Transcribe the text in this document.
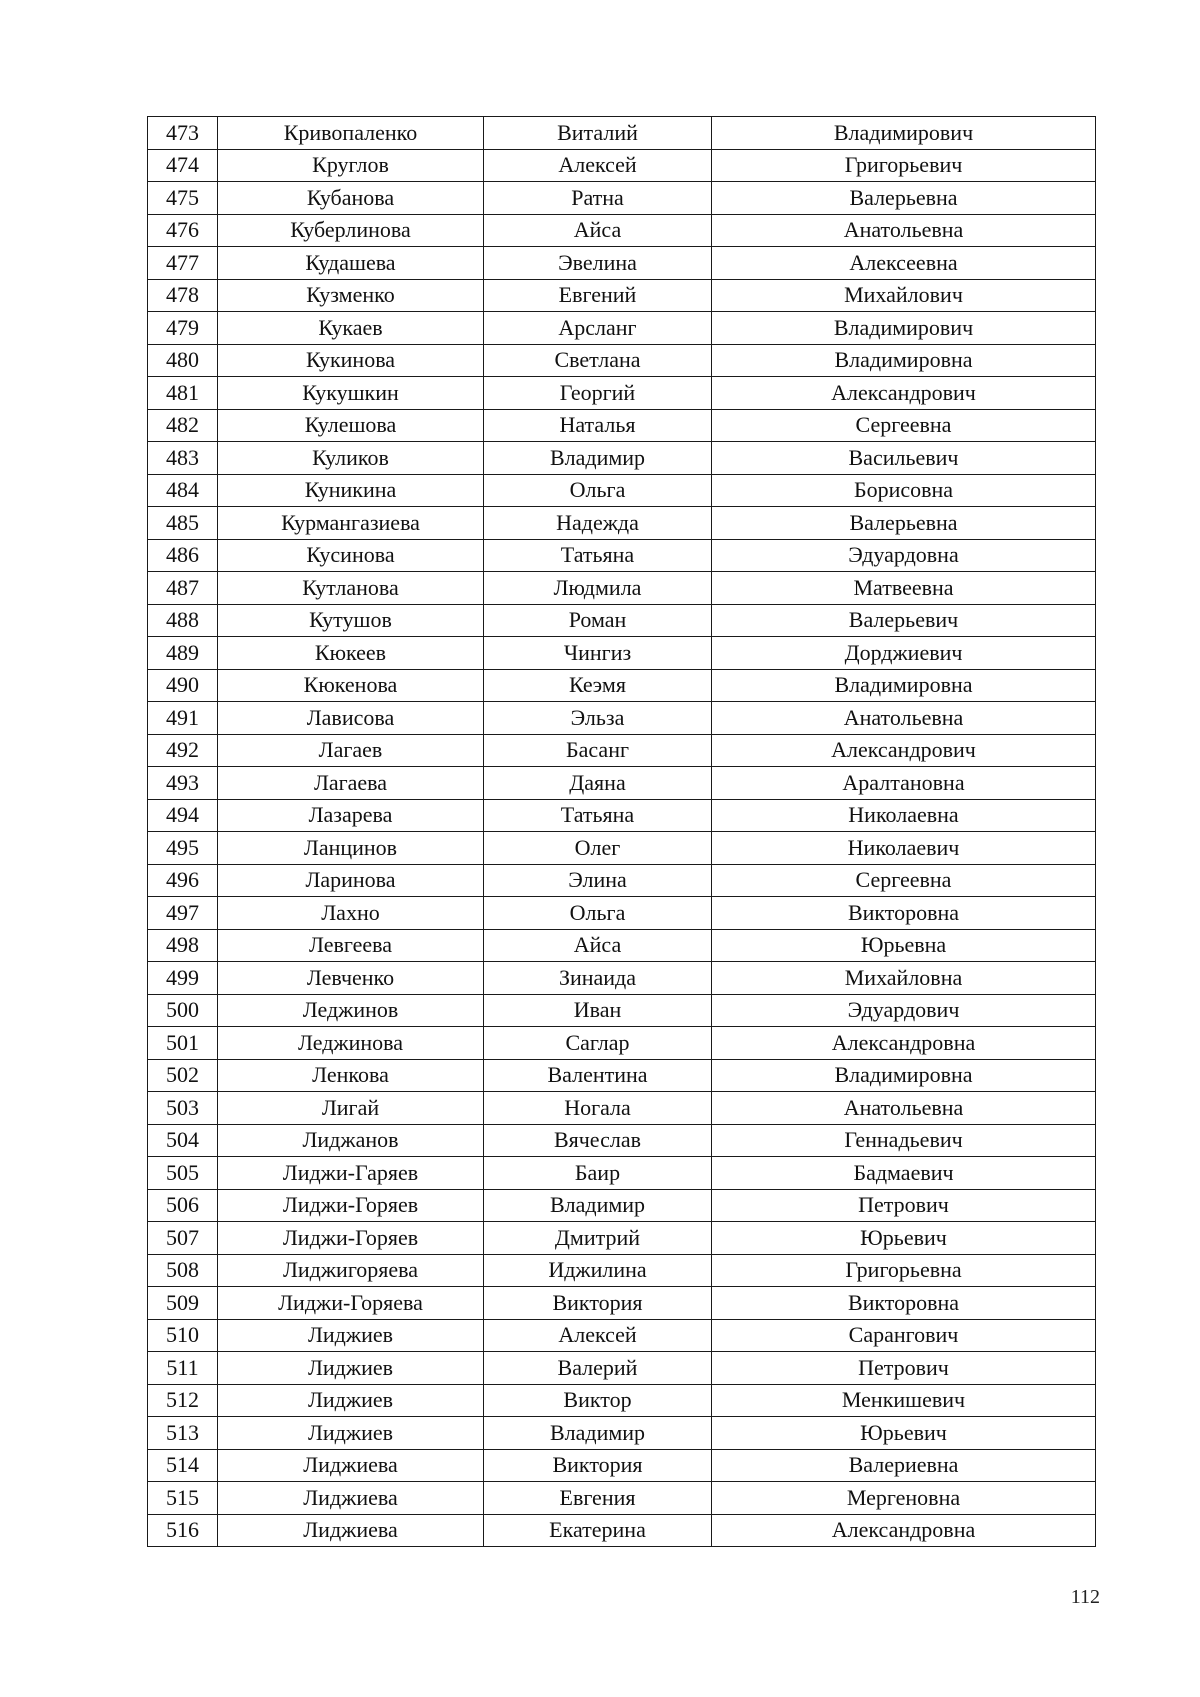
473	Кривопаленко	Виталий	Владимирович
474	Круглов	Алексей	Григорьевич
475	Кубанова	Ратна	Валерьевна
476	Куберлинова	Айса	Анатольевна
477	Кудашева	Эвелина	Алексеевна
478	Кузменко	Евгений	Михайлович
479	Кукаев	Арсланг	Владимирович
480	Кукинова	Светлана	Владимировна
481	Кукушкин	Георгий	Александрович
482	Кулешова	Наталья	Сергеевна
483	Куликов	Владимир	Васильевич
484	Куникина	Ольга	Борисовна
485	Курмангазиева	Надежда	Валерьевна
486	Кусинова	Татьяна	Эдуардовна
487	Кутланова	Людмила	Матвеевна
488	Кутушов	Роман	Валерьевич
489	Кюкеев	Чингиз	Дорджиевич
490	Кюкенова	Кеэмя	Владимировна
491	Лависова	Эльза	Анатольевна
492	Лагаев	Басанг	Александрович
493	Лагаева	Даяна	Аралтановна
494	Лазарева	Татьяна	Николаевна
495	Ланцинов	Олег	Николаевич
496	Ларинова	Элина	Сергеевна
497	Лахно	Ольга	Викторовна
498	Левгеева	Айса	Юрьевна
499	Левченко	Зинаида	Михайловна
500	Леджинов	Иван	Эдуардович
501	Леджинова	Саглар	Александровна
502	Ленкова	Валентина	Владимировна
503	Лигай	Ногала	Анатольевна
504	Лиджанов	Вячеслав	Геннадьевич
505	Лиджи-Гаряев	Баир	Бадмаевич
506	Лиджи-Горяев	Владимир	Петрович
507	Лиджи-Горяев	Дмитрий	Юрьевич
508	Лиджигоряева	Иджилина	Григорьевна
509	Лиджи-Горяева	Виктория	Викторовна
510	Лиджиев	Алексей	Сарангович
511	Лиджиев	Валерий	Петрович
512	Лиджиев	Виктор	Менкишевич
513	Лиджиев	Владимир	Юрьевич
514	Лиджиева	Виктория	Валериевна
515	Лиджиева	Евгения	Мергеновна
516	Лиджиева	Екатерина	Александровна
112
